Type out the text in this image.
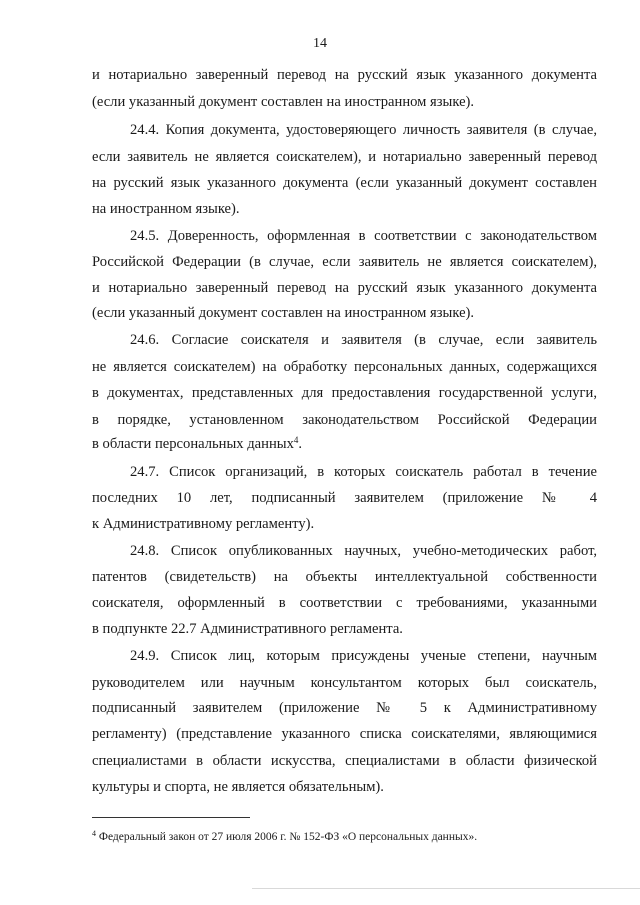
14
и нотариально заверенный перевод на русский язык указанного документа
(если указанный документ составлен на иностранном языке).
24.4. Копия документа, удостоверяющего личность заявителя (в случае,
если заявитель не является соискателем), и нотариально заверенный перевод
на русский язык указанного документа (если указанный документ составлен
на иностранном языке).
24.5. Доверенность, оформленная в соответствии с законодательством
Российской Федерации (в случае, если заявитель не является соискателем),
и нотариально заверенный перевод на русский язык указанного документа
(если указанный документ составлен на иностранном языке).
24.6. Согласие соискателя и заявителя (в случае, если заявитель
не является соискателем) на обработку персональных данных, содержащихся
в документах, представленных для предоставления государственной услуги,
в порядке, установленном законодательством Российской Федерации
в области персональных данных$^4$.
24.7. Список организаций, в которых соискатель работал в течение
последних 10 лет, подписанный заявителем (приложение № 4
к Административному регламенту).
24.8. Список опубликованных научных, учебно-методических работ,
патентов (свидетельств) на объекты интеллектуальной собственности
соискателя, оформленный в соответствии с требованиями, указанными
в подпункте 22.7 Административного регламента.
24.9. Список лиц, которым присуждены ученые степени, научным
руководителем или научным консультантом которых был соискатель,
подписанный заявителем (приложение № 5 к Административному
регламенту) (представление указанного списка соискателями, являющимися
специалистами в области искусства, специалистами в области физической
культуры и спорта, не является обязательным).
$^4$ Федеральный закон от 27 июля 2006 г. № 152-ФЗ «О персональных данных».
